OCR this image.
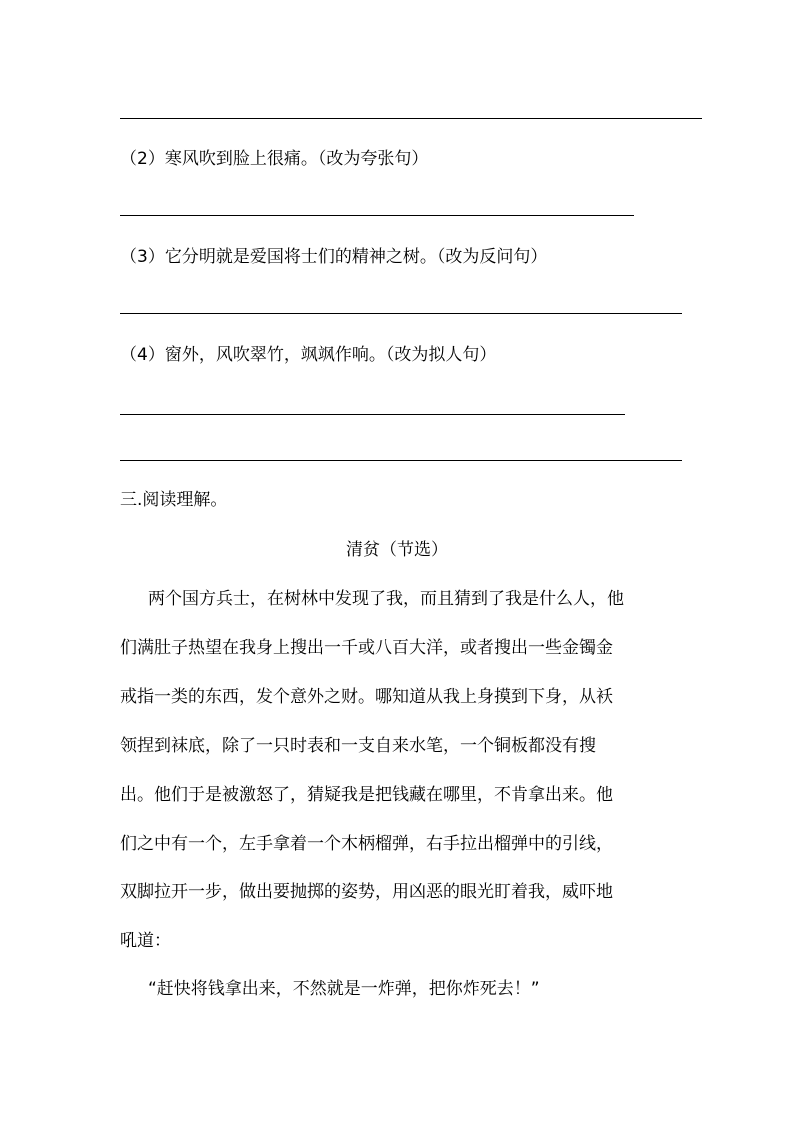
（2）寒风吹到脸上很痛。（改为夸张句）
（3）它分明就是爱国将士们的精神之树。（改为反问句）
（4）窗外，风吹翠竹，飒飒作响。（改为拟人句）
三.阅读理解。
清贫（节选）
两个国方兵士，在树林中发现了我，而且猜到了我是什么人，他
们满肚子热望在我身上搜出一千或八百大洋，或者搜出一些金镯金
戒指一类的东西，发个意外之财。哪知道从我上身摸到下身，从袄
领捏到袜底，除了一只时表和一支自来水笔，一个铜板都没有搜
出。他们于是被激怒了，猜疑我是把钱藏在哪里，不肯拿出来。他
们之中有一个，左手拿着一个木柄榴弹，右手拉出榴弹中的引线，
双脚拉开一步，做出要抛掷的姿势，用凶恶的眼光盯着我，威吓地
吼道：
“赶快将钱拿出来，不然就是一炸弹，把你炸死去！”
